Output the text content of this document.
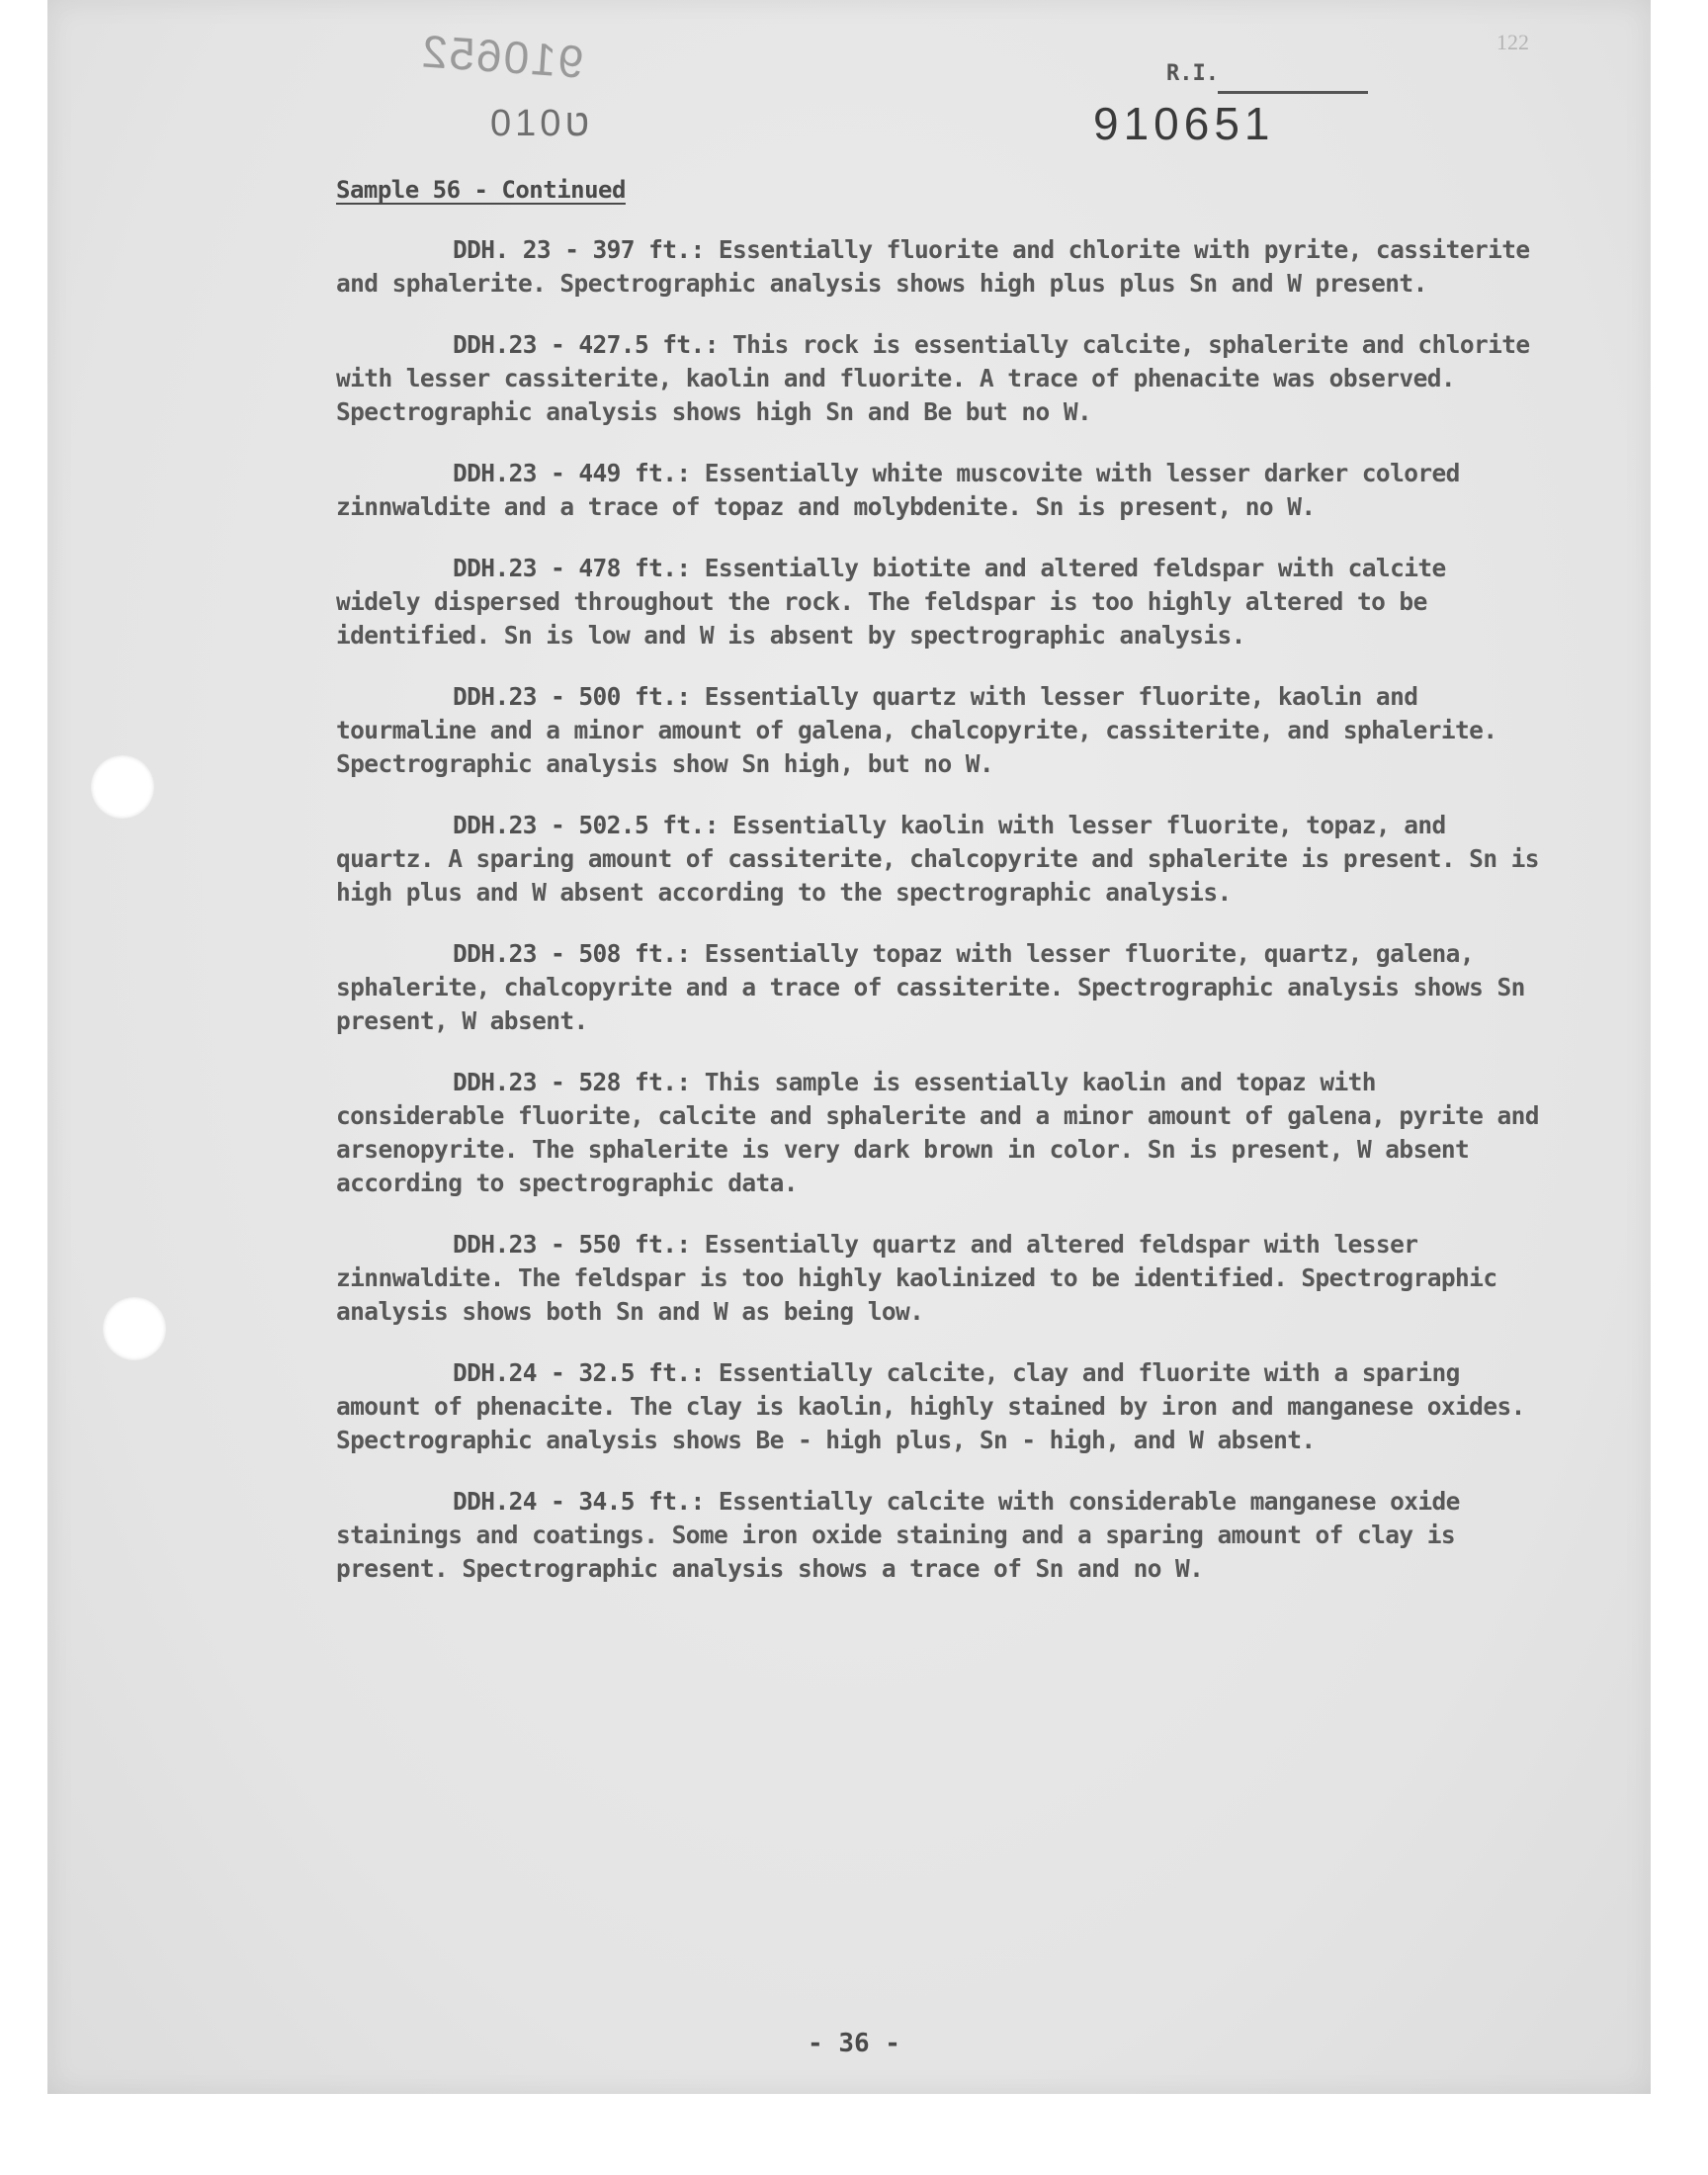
122
910652
ט010
R.I.
910651
Sample 56 - Continued

DDH. 23 - 397 ft.: Essentially fluorite and chlorite with pyrite, cassiterite and sphalerite. Spectrographic analysis shows high plus plus Sn and W present.

DDH.23 - 427.5 ft.: This rock is essentially calcite, sphalerite and chlorite with lesser cassiterite, kaolin and fluorite. A trace of phenacite was observed. Spectrographic analysis shows high Sn and Be but no W.

DDH.23 - 449 ft.: Essentially white muscovite with lesser darker colored zinnwaldite and a trace of topaz and molybdenite. Sn is present, no W.

DDH.23 - 478 ft.: Essentially biotite and altered feldspar with calcite widely dispersed throughout the rock. The feldspar is too highly altered to be identified. Sn is low and W is absent by spectrographic analysis.

DDH.23 - 500 ft.: Essentially quartz with lesser fluorite, kaolin and tourmaline and a minor amount of galena, chalcopyrite, cassiterite, and sphalerite. Spectrographic analysis show Sn high, but no W.

DDH.23 - 502.5 ft.: Essentially kaolin with lesser fluorite, topaz, and quartz. A sparing amount of cassiterite, chalcopyrite and sphalerite is present. Sn is high plus and W absent according to the spectrographic analysis.

DDH.23 - 508 ft.: Essentially topaz with lesser fluorite, quartz, galena, sphalerite, chalcopyrite and a trace of cassiterite. Spectrographic analysis shows Sn present, W absent.

DDH.23 - 528 ft.: This sample is essentially kaolin and topaz with considerable fluorite, calcite and sphalerite and a minor amount of galena, pyrite and arsenopyrite. The sphalerite is very dark brown in color. Sn is present, W absent according to spectrographic data.

DDH.23 - 550 ft.: Essentially quartz and altered feldspar with lesser zinnwaldite. The feldspar is too highly kaolinized to be identified. Spectrographic analysis shows both Sn and W as being low.

DDH.24 - 32.5 ft.: Essentially calcite, clay and fluorite with a sparing amount of phenacite. The clay is kaolin, highly stained by iron and manganese oxides. Spectrographic analysis shows Be - high plus, Sn - high, and W absent.

DDH.24 - 34.5 ft.: Essentially calcite with considerable manganese oxide stainings and coatings. Some iron oxide staining and a sparing amount of clay is present. Spectrographic analysis shows a trace of Sn and no W.

- 36 -
